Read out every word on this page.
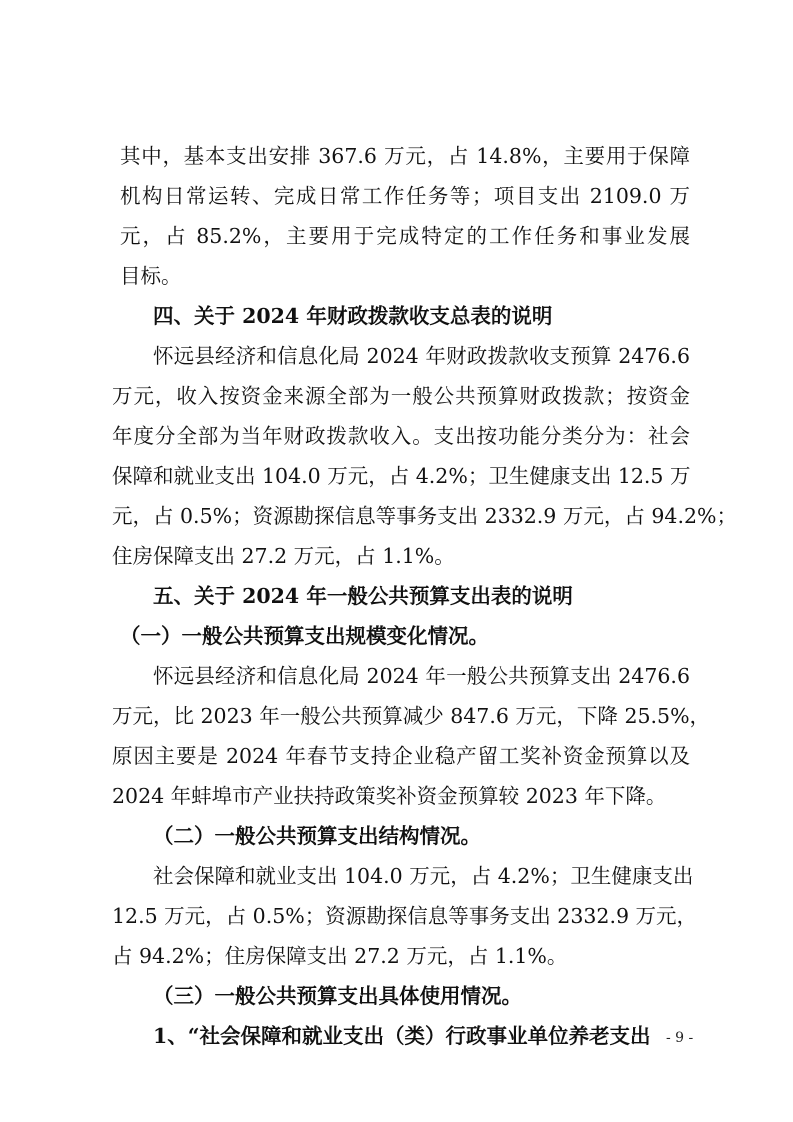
其中，基本支出安排 367.6 万元，占 14.8%，主要用于保障
机构日常运转、完成日常工作任务等；项目支出 2109.0 万
元，占 85.2%，主要用于完成特定的工作任务和事业发展
目标。
四、关于 2024 年财政拨款收支总表的说明
怀远县经济和信息化局 2024 年财政拨款收支预算 2476.6
万元，收入按资金来源全部为一般公共预算财政拨款；按资金
年度分全部为当年财政拨款收入。支出按功能分类分为：社会
保障和就业支出 104.0 万元，占 4.2%；卫生健康支出 12.5 万
元，占 0.5%；资源勘探信息等事务支出 2332.9 万元，占 94.2%；
住房保障支出 27.2 万元，占 1.1%。
五、关于 2024 年一般公共预算支出表的说明
（一）一般公共预算支出规模变化情况。
怀远县经济和信息化局 2024 年一般公共预算支出 2476.6
万元，比 2023 年一般公共预算减少 847.6 万元，下降 25.5%，
原因主要是 2024 年春节支持企业稳产留工奖补资金预算以及
2024 年蚌埠市产业扶持政策奖补资金预算较 2023 年下降。
（二）一般公共预算支出结构情况。
社会保障和就业支出 104.0 万元，占 4.2%；卫生健康支出
12.5 万元，占 0.5%；资源勘探信息等事务支出 2332.9 万元，
占 94.2%；住房保障支出 27.2 万元，占 1.1%。
（三）一般公共预算支出具体使用情况。
1、“社会保障和就业支出（类）行政事业单位养老支出	- 9 -
